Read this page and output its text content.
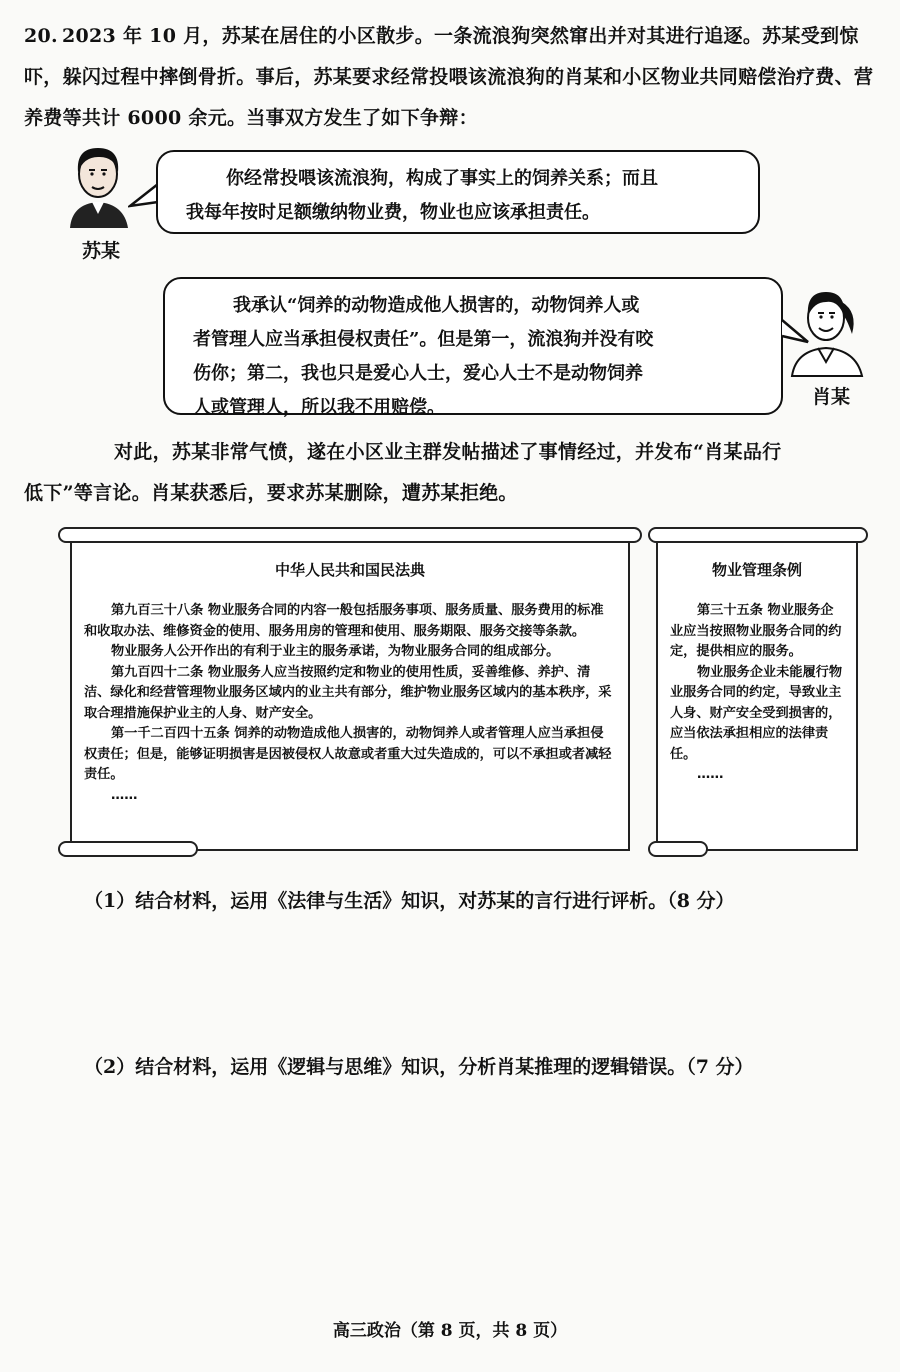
20. 2023 年 10 月，苏某在居住的小区散步。一条流浪狗突然窜出并对其进行追逐。苏某受到惊吓，躲闪过程中摔倒骨折。事后，苏某要求经常投喂该流浪狗的肖某和小区物业共同赔偿治疗费、营养费等共计 6000 余元。当事双方发生了如下争辩：
你经常投喂该流浪狗，构成了事实上的饲养关系；而且
我每年按时足额缴纳物业费，物业也应该承担责任。
苏某
我承认“饲养的动物造成他人损害的，动物饲养人或
者管理人应当承担侵权责任”。但是第一，流浪狗并没有咬
伤你；第二，我也只是爱心人士，爱心人士不是动物饲养
人或管理人，所以我不用赔偿。	肖某
对此，苏某非常气愤，遂在小区业主群发帖描述了事情经过，并发布“肖某品行
低下”等言论。肖某获悉后，要求苏某删除，遭苏某拒绝。
中华人民共和国民法典

第九百三十八条 物业服务合同的内容一般包括服务事项、服务质量、服务费用的标准和收取办法、维修资金的使用、服务用房的管理和使用、服务期限、服务交接等条款。

物业服务人公开作出的有利于业主的服务承诺，为物业服务合同的组成部分。

第九百四十二条 物业服务人应当按照约定和物业的使用性质，妥善维修、养护、清洁、绿化和经营管理物业服务区域内的业主共有部分，维护物业服务区域内的基本秩序，采取合理措施保护业主的人身、财产安全。

第一千二百四十五条 饲养的动物造成他人损害的，动物饲养人或者管理人应当承担侵权责任；但是，能够证明损害是因被侵权人故意或者重大过失造成的，可以不承担或者减轻责任。

……

物业管理条例

第三十五条 物业服务企业应当按照物业服务合同的约定，提供相应的服务。

物业服务企业未能履行物业服务合同的约定，导致业主人身、财产安全受到损害的，应当依法承担相应的法律责任。

……

（1）结合材料，运用《法律与生活》知识，对苏某的言行进行评析。（8 分）
（2）结合材料，运用《逻辑与思维》知识，分析肖某推理的逻辑错误。（7 分）
高三政治（第 8 页，共 8 页）
